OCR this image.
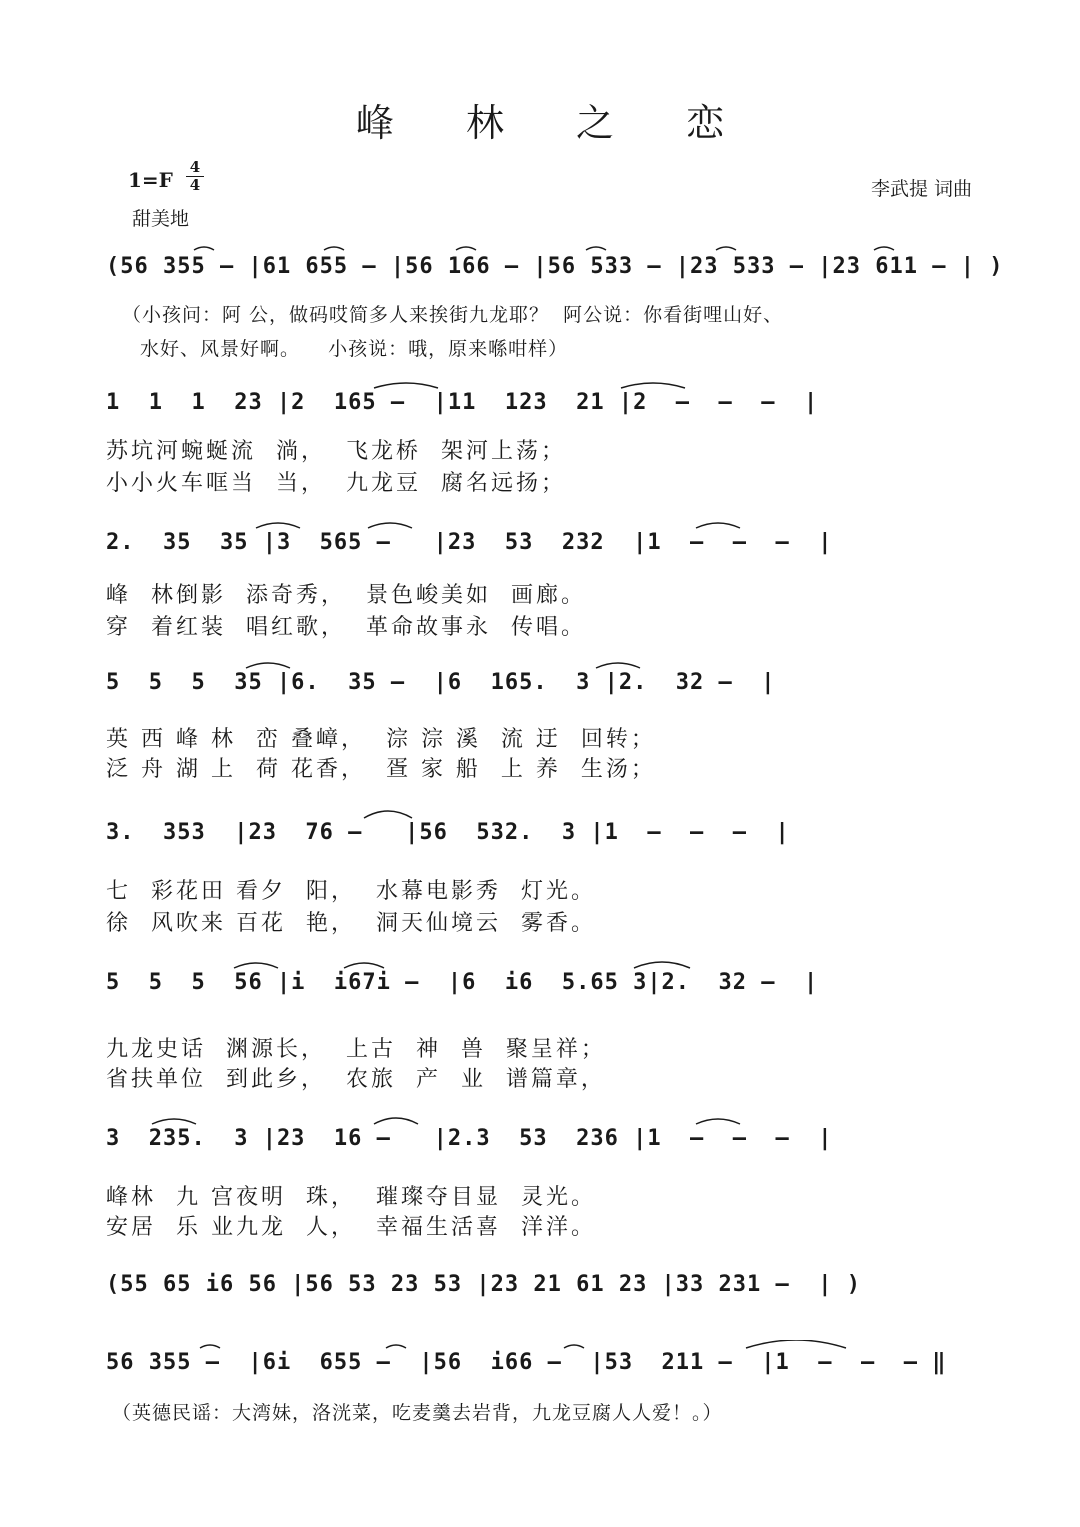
峰 林 之 恋
1=F
4
4
甜美地
李武提 词曲
(56 355 – |61 655 – |56 166 – |56 533 – |23 533 – |23 611 – | )
（小孩问：阿 公，做码哎简多人来挨街九龙耶？  阿公说：你看街哩山好、
水好、风景好啊。    小孩说：哦，原来喺咁样）
1  1  1  23 |2  165 –  |11  123  21 |2  –  –  –  |
苏坑河蜿蜒流  淌，  飞龙桥  架河上荡；
小小火车哐当  当，  九龙豆  腐名远扬；
2.  35  35 |3  565 –   |23  53  232  |1  –  –  –  |
峰  林倒影  添奇秀，  景色峻美如  画廊。
穿  着红装  唱红歌，  革命故事永  传唱。
5  5  5  35 |6.  35 –  |6  165.  3 |2.  32 –  |
英 西 峰 林  峦 叠嶂，  淙 淙 溪  流 迂  回转；
泛 舟 湖 上  荷 花香，  疍 家 船  上 养  生汤；
3.  353  |23  76 –   |56  532.  3 |1  –  –  –  |
七  彩花田 看夕  阳，  水幕电影秀  灯光。
徐  风吹来 百花  艳，  洞天仙境云  雾香。
5  5  5  56 |i  i67i –  |6  i6  5.65 3|2.  32 –  |
九龙史话  渊源长，  上古  神  兽  聚呈祥；
省扶单位  到此乡，  农旅  产  业  谱篇章，
3  235.  3 |23  16 –   |2.3  53  236 |1  –  –  –  |
峰林  九 宫夜明  珠，  璀璨夺目显  灵光。
安居  乐 业九龙  人，  幸福生活喜  洋洋。
(55 65 i6 56 |56 53 23 53 |23 21 61 23 |33 231 –  | )
56 355 –  |6i  655 –  |56  i66 –  |53  211 –  |1  –  –  – ‖
（英德民谣：大湾妹，洛洸菜，吃麦羹去岩背，九龙豆腐人人爱！。）
